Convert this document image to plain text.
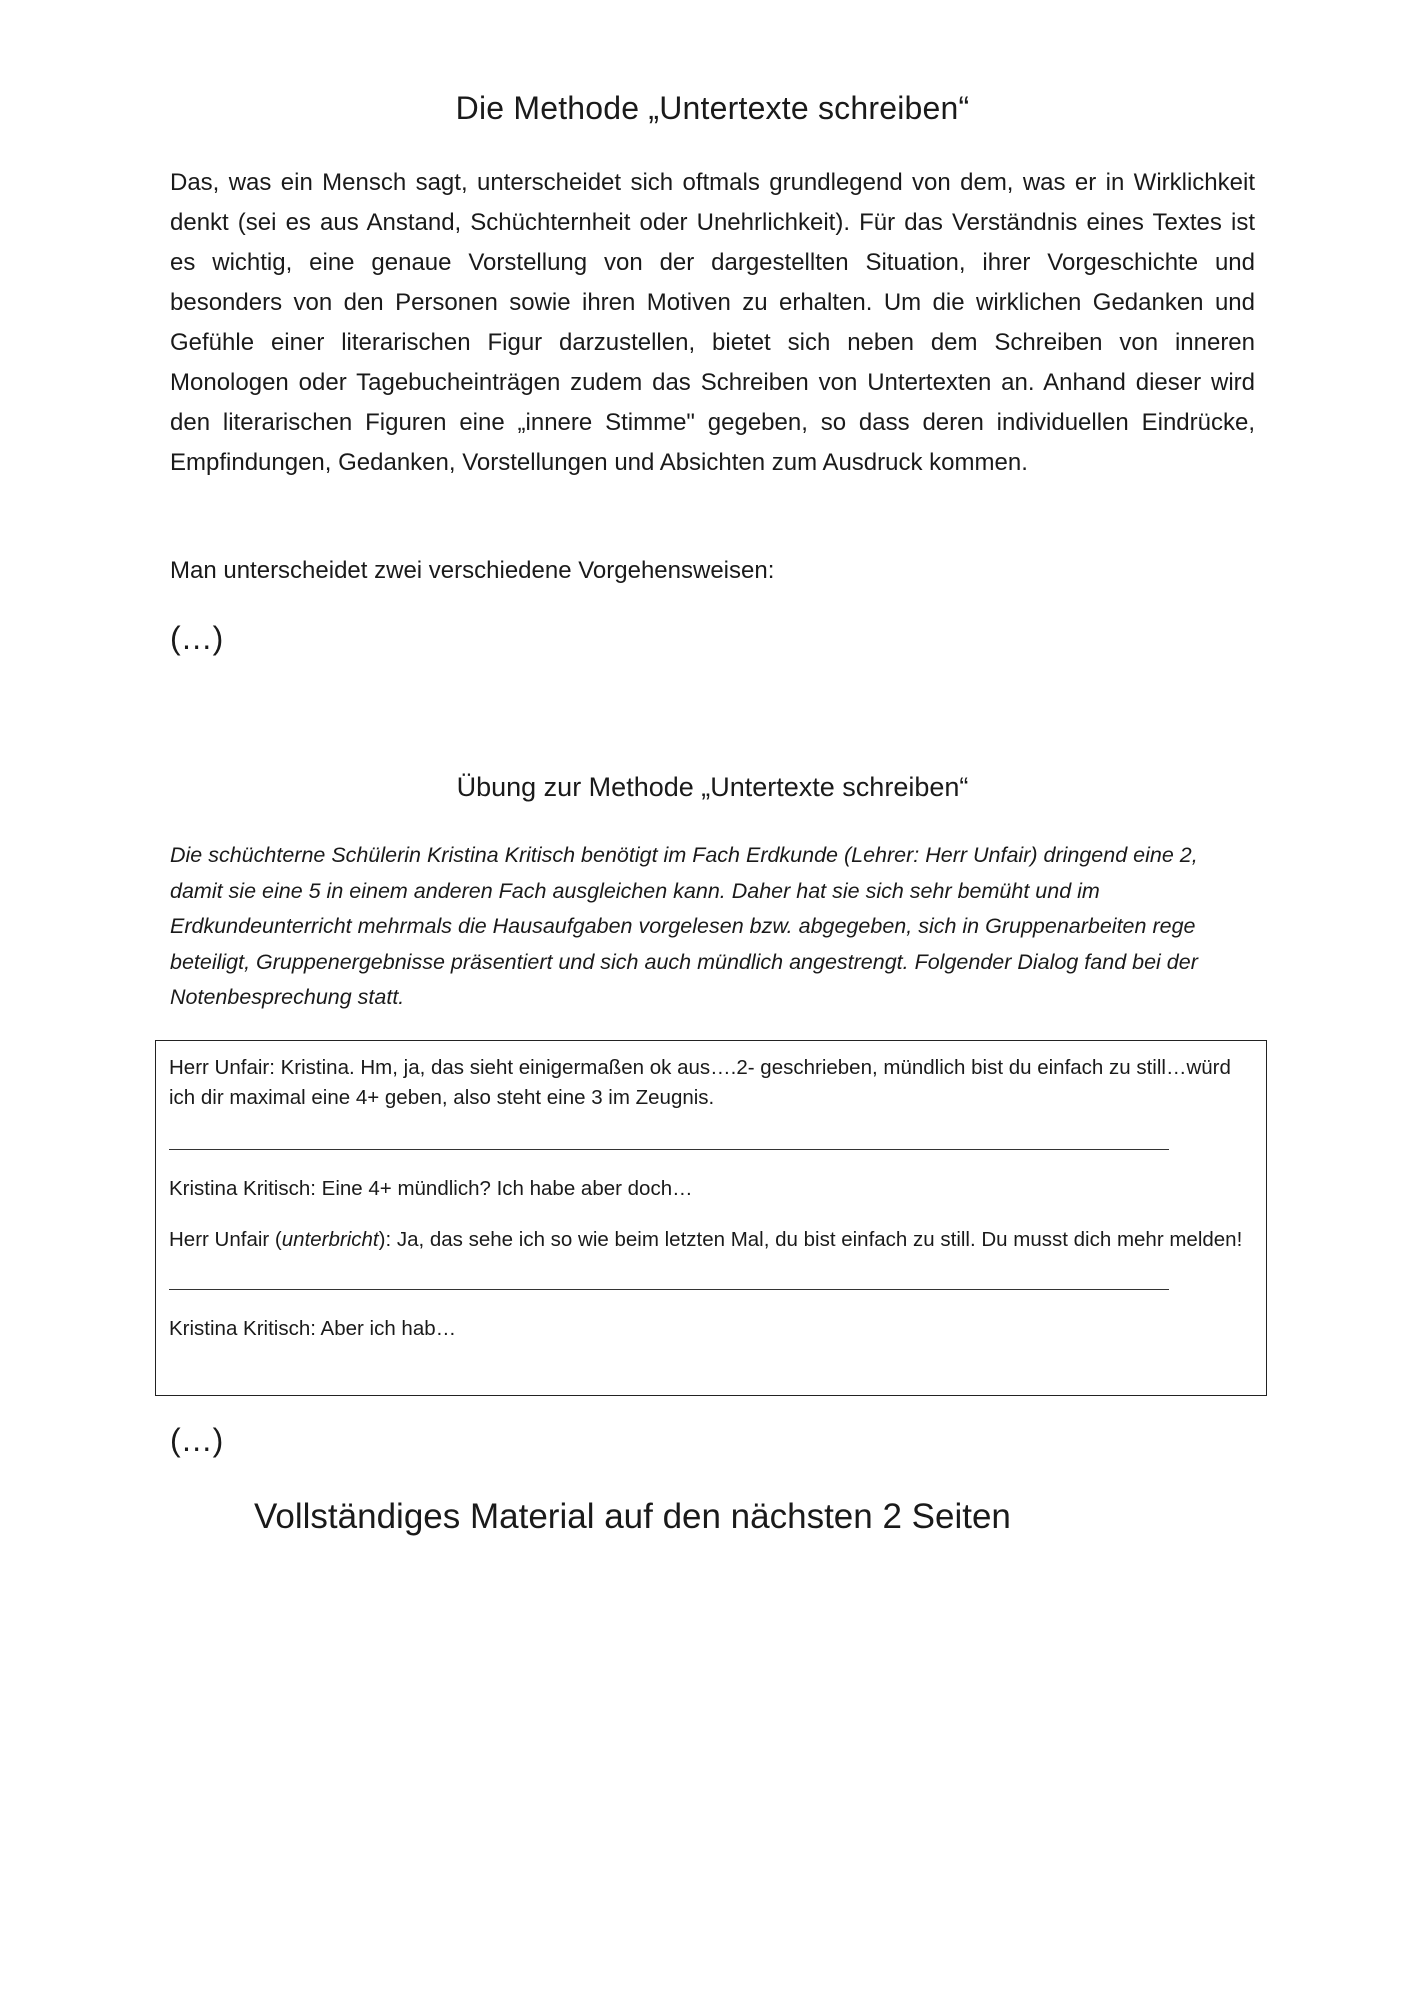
Die Methode „Untertexte schreiben“

Das, was ein Mensch sagt, unterscheidet sich oftmals grundlegend von dem, was er in Wirklichkeit denkt (sei es aus Anstand, Schüchternheit oder Unehrlichkeit). Für das Verständnis eines Textes ist es wichtig, eine genaue Vorstellung von der dargestellten Situation, ihrer Vorgeschichte und besonders von den Personen sowie ihren Motiven zu erhalten. Um die wirklichen Gedanken und Gefühle einer literarischen Figur darzustellen, bietet sich neben dem Schreiben von inneren Monologen oder Tagebucheinträgen zudem das Schreiben von Untertexten an. Anhand dieser wird den literarischen Figuren eine „innere Stimme" gegeben, so dass deren individuellen Eindrücke, Empfindungen, Gedanken, Vorstellungen und Absichten zum Ausdruck kommen.

Man unterscheidet zwei verschiedene Vorgehensweisen:

(…)

Übung zur Methode „Untertexte schreiben“

Die schüchterne Schülerin Kristina Kritisch benötigt im Fach Erdkunde (Lehrer: Herr Unfair) dringend eine 2, damit sie eine 5 in einem anderen Fach ausgleichen kann. Daher hat sie sich sehr bemüht und im Erdkundeunterricht mehrmals die Hausaufgaben vorgelesen bzw. abgegeben, sich in Gruppenarbeiten rege beteiligt, Gruppenergebnisse präsentiert und sich auch mündlich angestrengt. Folgender Dialog fand bei der Notenbesprechung statt.

Herr Unfair: Kristina. Hm, ja, das sieht einigermaßen ok aus….2- geschrieben, mündlich bist du einfach zu still…würd ich dir maximal eine 4+ geben, also steht eine 3 im Zeugnis.

Kristina Kritisch: Eine 4+ mündlich? Ich habe aber doch…

Herr Unfair (unterbricht): Ja, das sehe ich so wie beim letzten Mal, du bist einfach zu still. Du musst dich mehr melden!

Kristina Kritisch: Aber ich hab…

(…)

Vollständiges Material auf den nächsten 2 Seiten
